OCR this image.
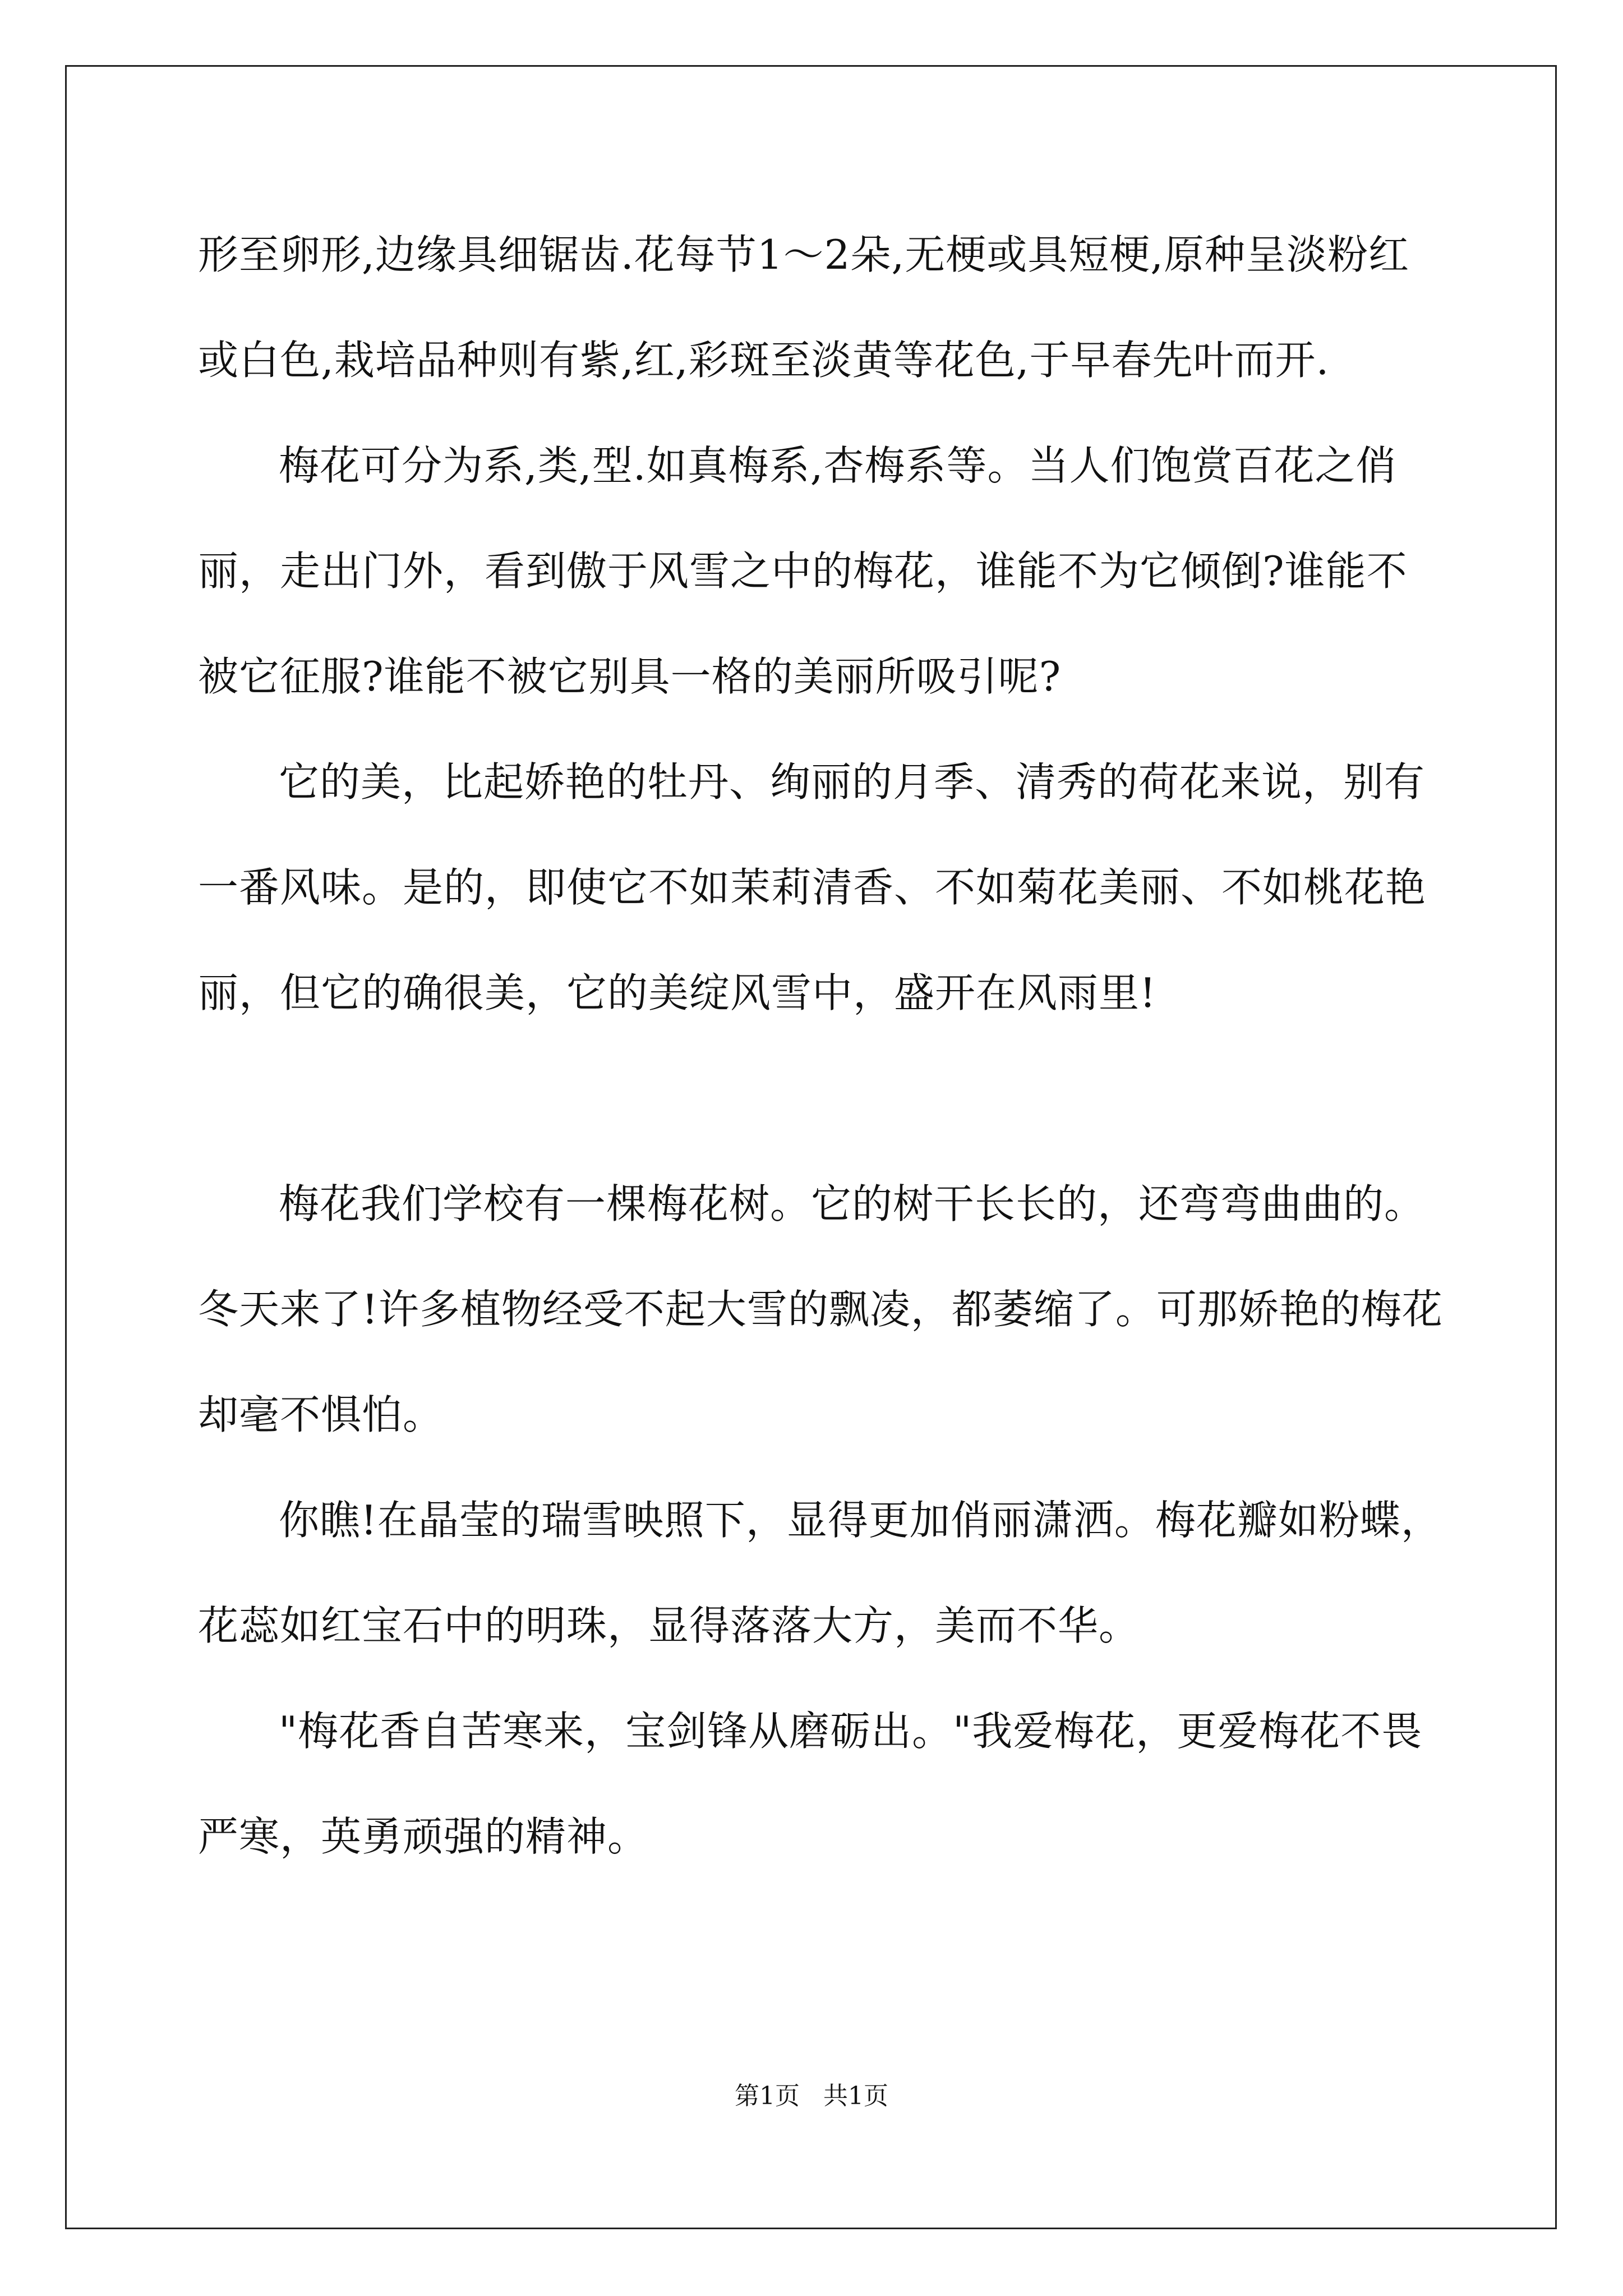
形至卵形,边缘具细锯齿.花每节1～2朵,无梗或具短梗,原种呈淡粉红或白色,栽培品种则有紫,红,彩斑至淡黄等花色,于早春先叶而开.

梅花可分为系,类,型.如真梅系,杏梅系等。当人们饱赏百花之俏丽，走出门外，看到傲于风雪之中的梅花，谁能不为它倾倒?谁能不被它征服?谁能不被它别具一格的美丽所吸引呢?

它的美，比起娇艳的牡丹、绚丽的月季、清秀的荷花来说，别有一番风味。是的，即使它不如茉莉清香、不如菊花美丽、不如桃花艳丽，但它的确很美，它的美绽风雪中，盛开在风雨里!

梅花我们学校有一棵梅花树。它的树干长长的，还弯弯曲曲的。冬天来了!许多植物经受不起大雪的飘凌，都萎缩了。可那娇艳的梅花却毫不惧怕。

你瞧!在晶莹的瑞雪映照下，显得更加俏丽潇洒。梅花瓣如粉蝶，花蕊如红宝石中的明珠，显得落落大方，美而不华。

"梅花香自苦寒来，宝剑锋从磨砺出。"我爱梅花，更爱梅花不畏严寒，英勇顽强的精神。

第1页   共1页
